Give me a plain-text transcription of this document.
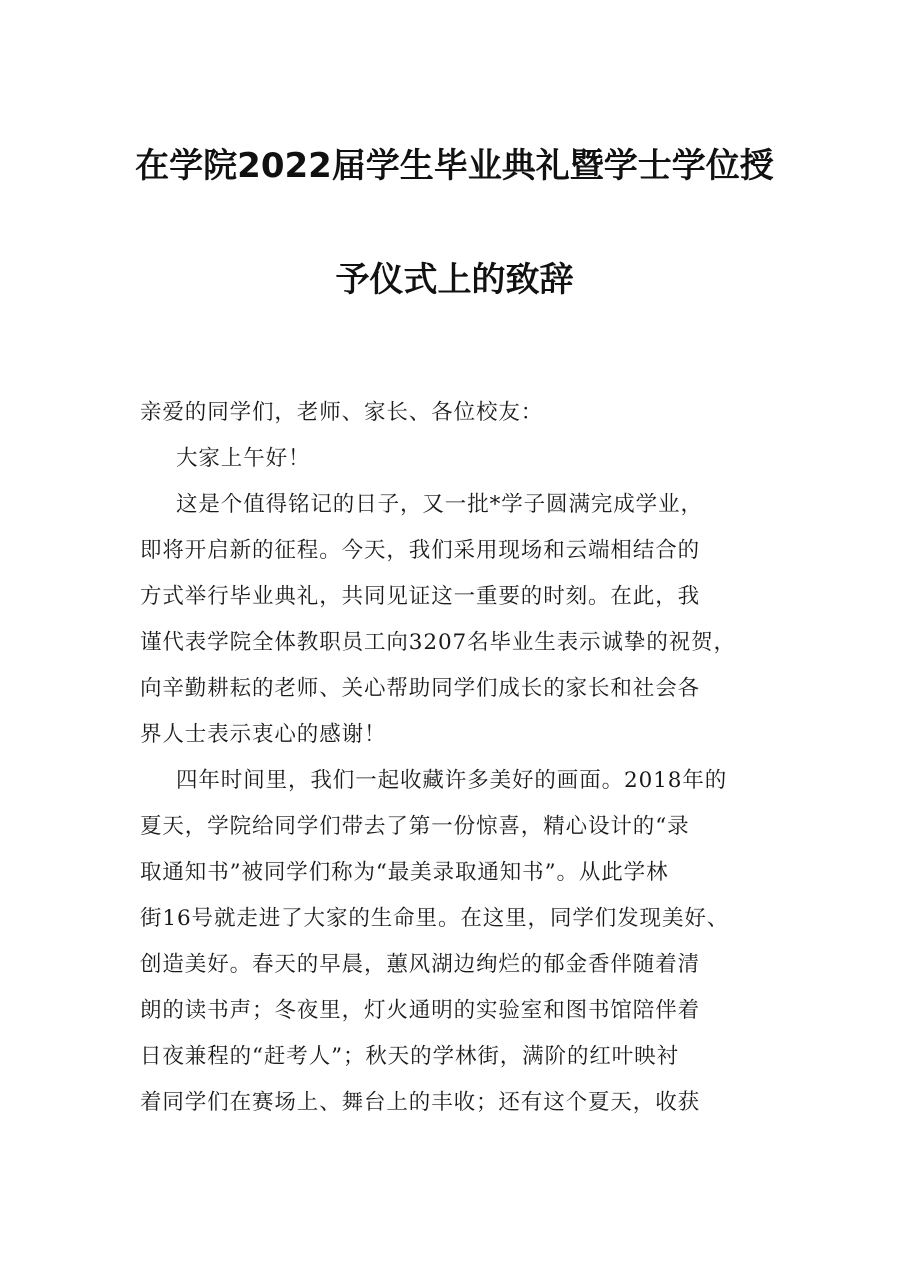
在学院2022届学生毕业典礼暨学士学位授
予仪式上的致辞
亲爱的同学们，老师、家长、各位校友：
大家上午好！
这是个值得铭记的日子，又一批*学子圆满完成学业，
即将开启新的征程。今天，我们采用现场和云端相结合的
方式举行毕业典礼，共同见证这一重要的时刻。在此，我
谨代表学院全体教职员工向3207名毕业生表示诚挚的祝贺，
向辛勤耕耘的老师、关心帮助同学们成长的家长和社会各
界人士表示衷心的感谢！
四年时间里，我们一起收藏许多美好的画面。2018年的
夏天，学院给同学们带去了第一份惊喜，精心设计的“录
取通知书”被同学们称为“最美录取通知书”。从此学林
街16号就走进了大家的生命里。在这里，同学们发现美好、
创造美好。春天的早晨，蕙风湖边绚烂的郁金香伴随着清
朗的读书声；冬夜里，灯火通明的实验室和图书馆陪伴着
日夜兼程的“赶考人”；秋天的学林街，满阶的红叶映衬
着同学们在赛场上、舞台上的丰收；还有这个夏天，收获
